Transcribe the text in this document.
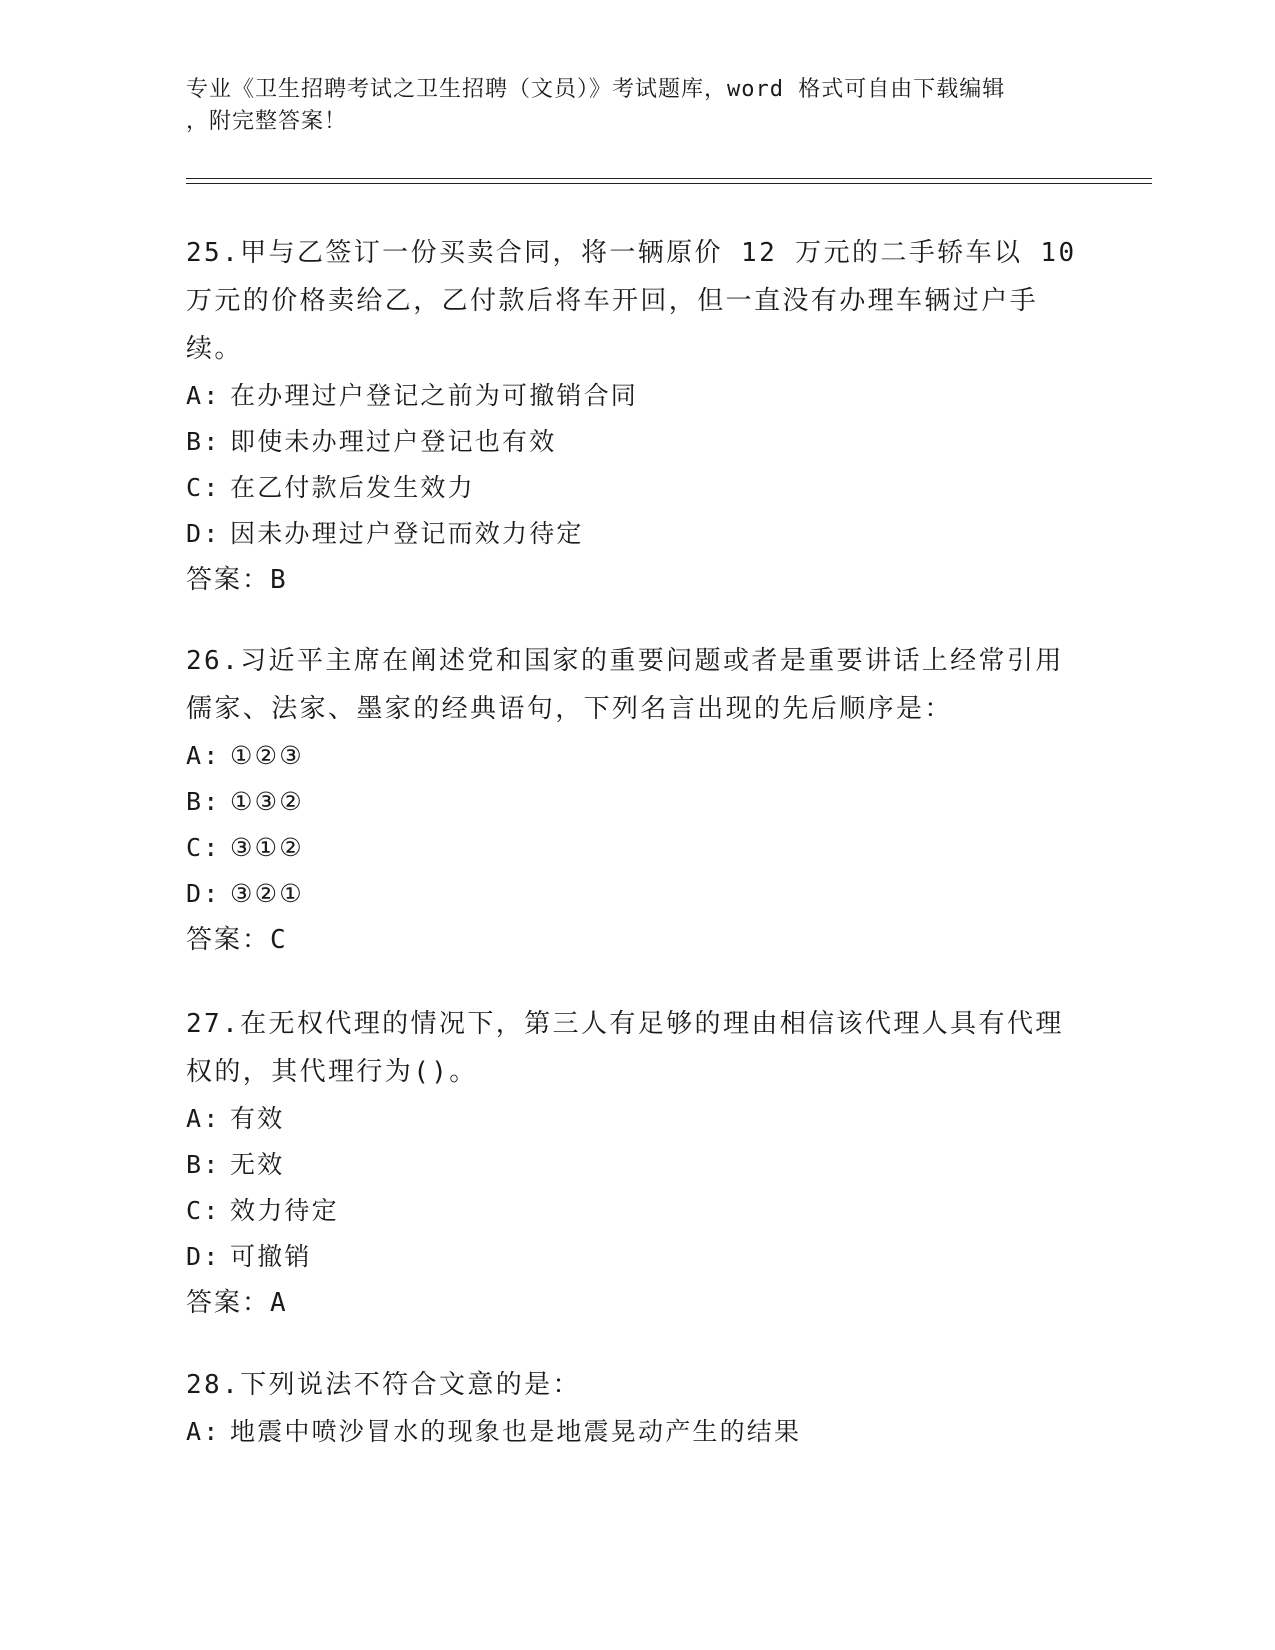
专业《卫生招聘考试之卫生招聘（文员）》考试题库，word 格式可自由下载编辑
，附完整答案！

25.甲与乙签订一份买卖合同，将一辆原价 12 万元的二手轿车以 10 万元的价格卖给乙，乙付款后将车开回，但一直没有办理车辆过户手续。

A: 在办理过户登记之前为可撤销合同

B: 即使未办理过户登记也有效

C: 在乙付款后发生效力

D: 因未办理过户登记而效力待定

答案：B

26.习近平主席在阐述党和国家的重要问题或者是重要讲话上经常引用儒家、法家、墨家的经典语句，下列名言出现的先后顺序是：

A: ①②③

B: ①③②

C: ③①②

D: ③②①

答案：C

27.在无权代理的情况下，第三人有足够的理由相信该代理人具有代理权的，其代理行为()。

A: 有效

B: 无效

C: 效力待定

D: 可撤销

答案：A

28.下列说法不符合文意的是：

A: 地震中喷沙冒水的现象也是地震晃动产生的结果
